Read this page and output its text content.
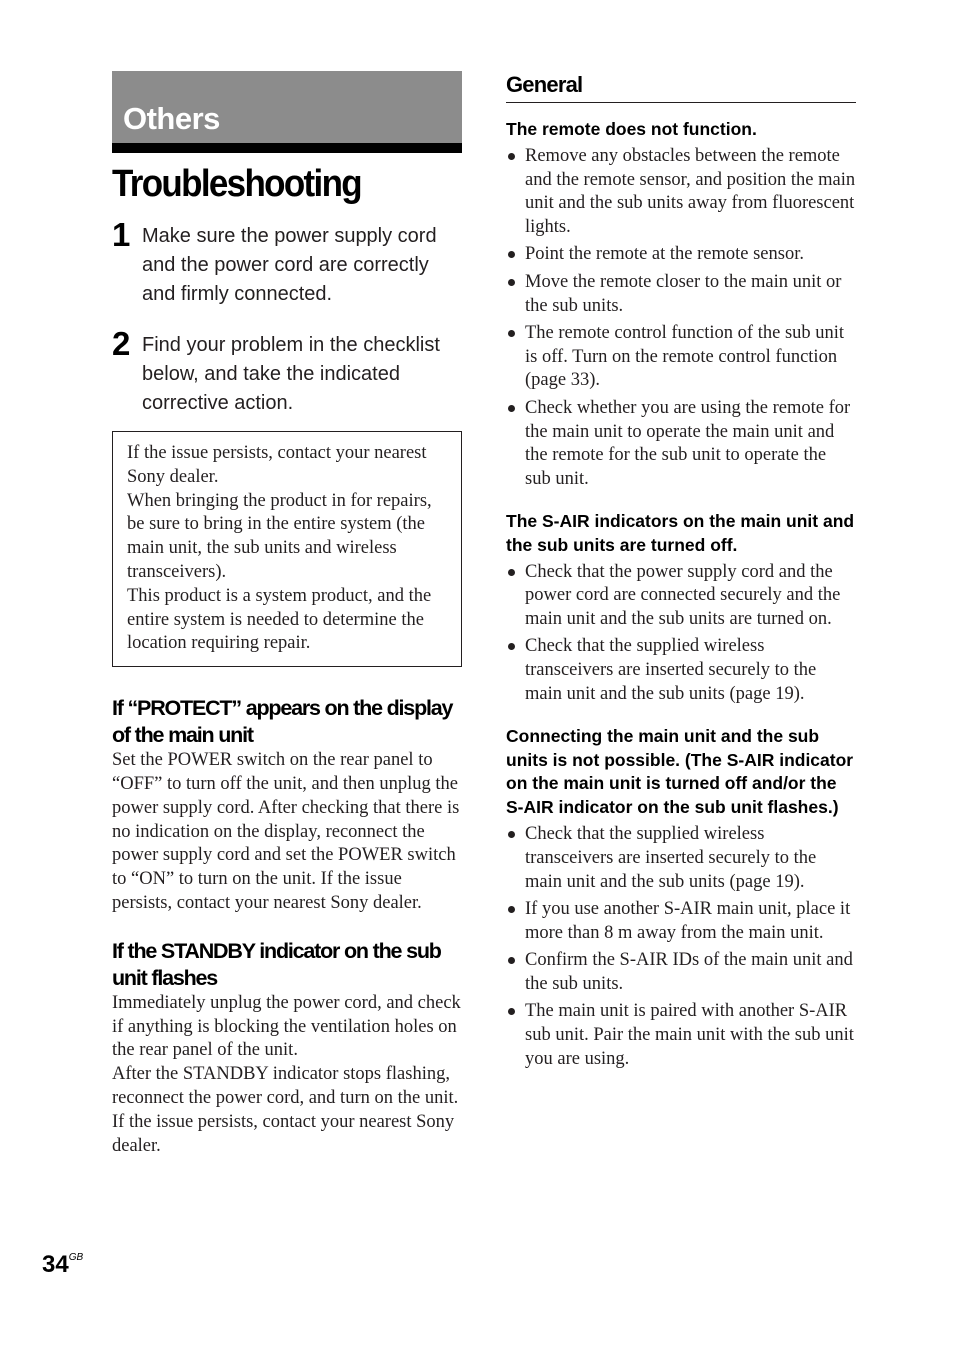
Others
Troubleshooting
1 Make sure the power supply cord and the power cord are correctly and firmly connected.

2 Find your problem in the checklist below, and take the indicated corrective action.

If the issue persists, contact your nearest Sony dealer.

When bringing the product in for repairs, be sure to bring in the entire system (the main unit, the sub units and wireless transceivers).

This product is a system product, and the entire system is needed to determine the location requiring repair.

If “PROTECT” appears on the display of the main unit

Set the POWER switch on the rear panel to “OFF” to turn off the unit, and then unplug the power supply cord. After checking that there is no indication on the display, reconnect the power supply cord and set the POWER switch to “ON” to turn on the unit. If the issue persists, contact your nearest Sony dealer.

If the STANDBY indicator on the sub unit flashes

Immediately unplug the power cord, and check if anything is blocking the ventilation holes on the rear panel of the unit.

After the STANDBY indicator stops flashing, reconnect the power cord, and turn on the unit. If the issue persists, contact your nearest Sony dealer.

$34^{GB}$
General
The remote does not function.
Remove any obstacles between the remote and the remote sensor, and position the main unit and the sub units away from fluorescent lights.
Point the remote at the remote sensor.
Move the remote closer to the main unit or the sub units.
The remote control function of the sub unit is off. Turn on the remote control function (page 33).
Check whether you are using the remote for the main unit to operate the main unit and the remote for the sub unit to operate the sub unit.
The S-AIR indicators on the main unit and the sub units are turned off.
Check that the power supply cord and the power cord are connected securely and the main unit and the sub units are turned on.
Check that the supplied wireless transceivers are inserted securely to the main unit and the sub units (page 19).
Connecting the main unit and the sub units is not possible. (The S-AIR indicator on the main unit is turned off and/or the S-AIR indicator on the sub unit flashes.)
Check that the supplied wireless transceivers are inserted securely to the main unit and the sub units (page 19).
If you use another S-AIR main unit, place it more than 8 m away from the main unit.
Confirm the S-AIR IDs of the main unit and the sub units.
The main unit is paired with another S-AIR sub unit. Pair the main unit with the sub unit you are using.
